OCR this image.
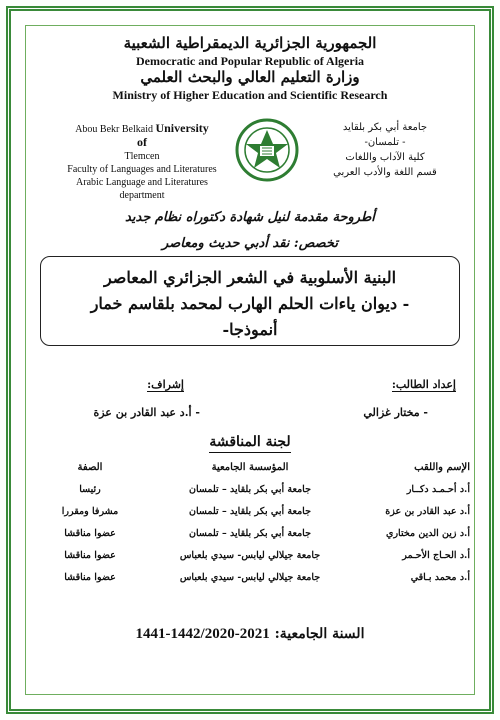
الجمهورية الجزائرية الديمقراطية الشعبية
Democratic and Popular Republic of Algeria
وزارة التعليم العالي والبحث العلمي
Ministry of Higher Education and Scientific Research
Abou Bekr Belkaid University
of
Tlemcen
Faculty of Languages and Literatures
Arabic Language and Literatures
department
جامعة أبي بكر بلقايد
- تلمسان-
كلية الآداب واللغات
قسم اللغة والأدب العربي
أطروحة مقدمة لنيل شهادة دكتوراه نظام جديد
تخصص: نقد أدبي حديث ومعاصر
البنية الأسلوبية في الشعر الجزائري المعاصر
- ديوان ياءات الحلم الهارب لمحمد بلقاسم خمار
أنموذجا-
إعداد الطالب:
- مختار غزالي
إشراف:
- أ.د عبد القادر بن عزة
لجنة المناقشة
الإسم واللقب
المؤسسة الجامعية
الصفة
أ.د أحـمـد دكــار
جامعة أبي بكر بلقايد – تلمسان
رئيسا
أ.د عبد القادر بن عزة
جامعة أبي بكر بلقايد – تلمسان
مشرفا ومقررا
أ.د زين الدين مختاري
جامعة أبي بكر بلقايد – تلمسان
عضوا مناقشا
أ.د الحـاج الأحـمر
جامعة جيلالي ليابس- سيدي بلعباس
عضوا مناقشا
أ.د محمد بـاقي
جامعة جيلالي ليابس- سيدي بلعباس
عضوا مناقشا
السنة الجامعية: 1441-1442/2020-2021
